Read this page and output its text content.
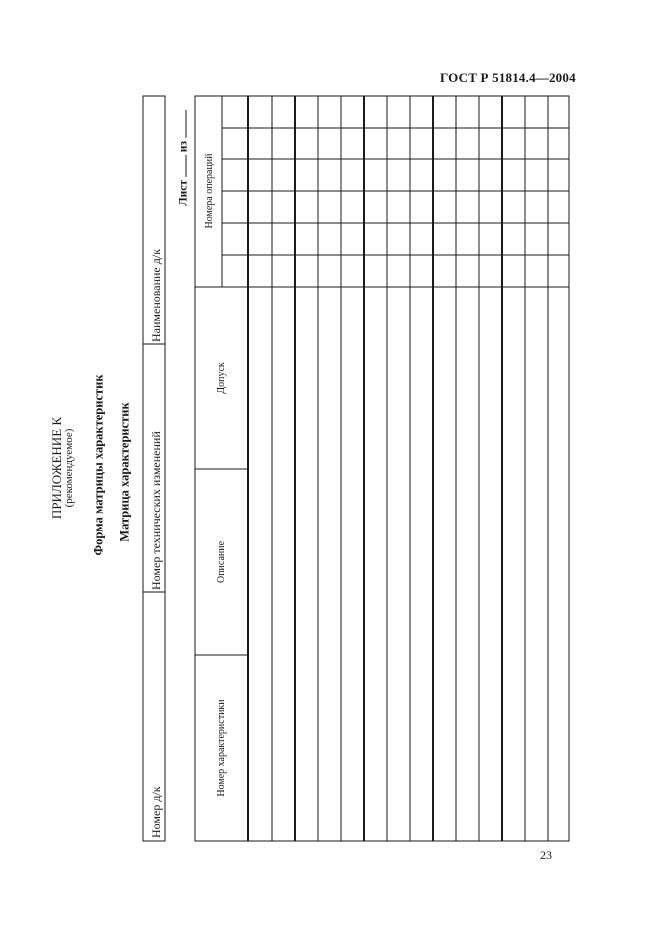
ГОСТ Р 51814.4—2004
ПРИЛОЖЕНИЕ К (рекомендуемое) Форма матрицы характеристик Матрица характеристик
Лист  из
Номер д/к
Номер технических изменений
Наименование д/к
Номер характеристики
Описание
Допуск
Номера операций
23
